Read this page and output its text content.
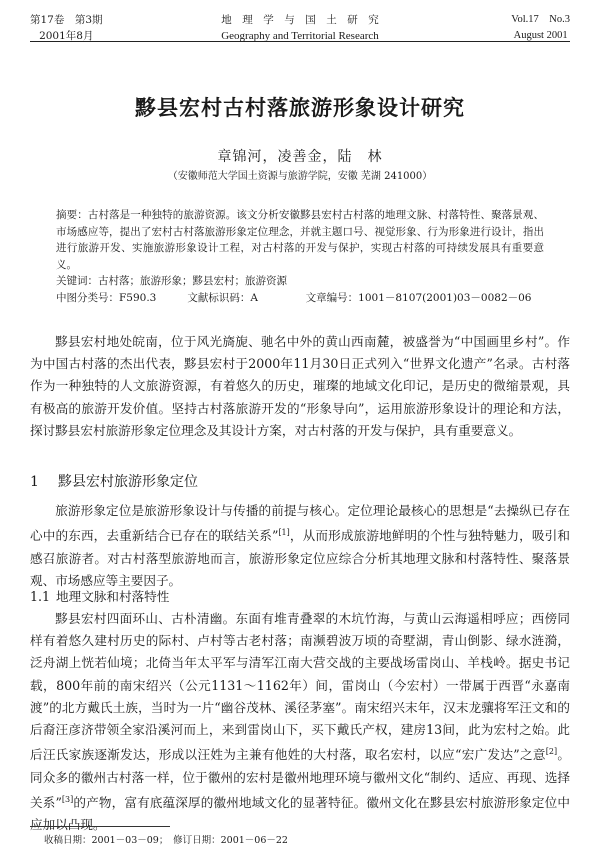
第17卷　第3期
2001年8月
地　理　学　与　国　土　研　究
Geography and Territorial Research
Vol.17　No.3
August 2001
黟县宏村古村落旅游形象设计研究
章锦河，凌善金，陆　林
（安徽师范大学国土资源与旅游学院，安徽 芜湖 241000）

摘要：古村落是一种独特的旅游资源。该文分析安徽黟县宏村古村落的地理文脉、村落特性、聚落景观、市场感应等，提出了宏村古村落旅游形象定位理念，并就主题口号、视觉形象、行为形象进行设计，指出进行旅游开发、实施旅游形象设计工程，对古村落的开发与保护，实现古村落的可持续发展具有重要意义。

关键词：古村落；旅游形象；黟县宏村；旅游资源

中图分类号：F590.3	文献标识码：A	文章编号：1001－8107(2001)03－0082－06

黟县宏村地处皖南，位于风光旖旎、驰名中外的黄山西南麓，被盛誉为“中国画里乡村”。作为中国古村落的杰出代表，黟县宏村于2000年11月30日正式列入“世界文化遗产”名录。古村落作为一种独特的人文旅游资源，有着悠久的历史，璀璨的地域文化印记，是历史的微缩景观，具有极高的旅游开发价值。坚持古村落旅游开发的“形象导向”，运用旅游形象设计的理论和方法，探讨黟县宏村旅游形象定位理念及其设计方案，对古村落的开发与保护，具有重要意义。

1 黟县宏村旅游形象定位

旅游形象定位是旅游形象设计与传播的前提与核心。定位理论最核心的思想是“去操纵已存在心中的东西，去重新结合已存在的联结关系”[1]，从而形成旅游地鲜明的个性与独特魅力，吸引和感召旅游者。对古村落型旅游地而言，旅游形象定位应综合分析其地理文脉和村落特性、聚落景观、市场感应等主要因子。

1.1 地理文脉和村落特性

黟县宏村四面环山、古朴清幽。东面有堆青叠翠的木坑竹海，与黄山云海遥相呼应；西傍同样有着悠久建村历史的际村、卢村等古老村落；南濒碧波万顷的奇墅湖，青山倒影、绿水涟漪，泛舟湖上恍若仙境；北倚当年太平军与清军江南大营交战的主要战场雷岗山、羊栈岭。据史书记载，800年前的南宋绍兴（公元1131～1162年）间，雷岗山（今宏村）一带属于西晋“永嘉南渡”的北方戴氏土族，当时为一片“幽谷茂林、溪径茅塞”。南宋绍兴末年，汉末龙骧将军汪文和的后裔汪彦济带领全家沿溪河而上，来到雷岗山下，买下戴氏产权，建房13间，此为宏村之始。此后汪氏家族逐渐发达，形成以汪姓为主兼有他姓的大村落，取名宏村，以应“宏广发达”之意[2]。同众多的徽州古村落一样，位于徽州的宏村是徽州地理环境与徽州文化“制约、适应、再现、选择关系”[3]的产物，富有底蕴深厚的徽州地域文化的显著特征。徽州文化在黟县宏村旅游形象定位中应加以凸现。

收稿日期：2001－03－09；　修订日期：2001－06－22
